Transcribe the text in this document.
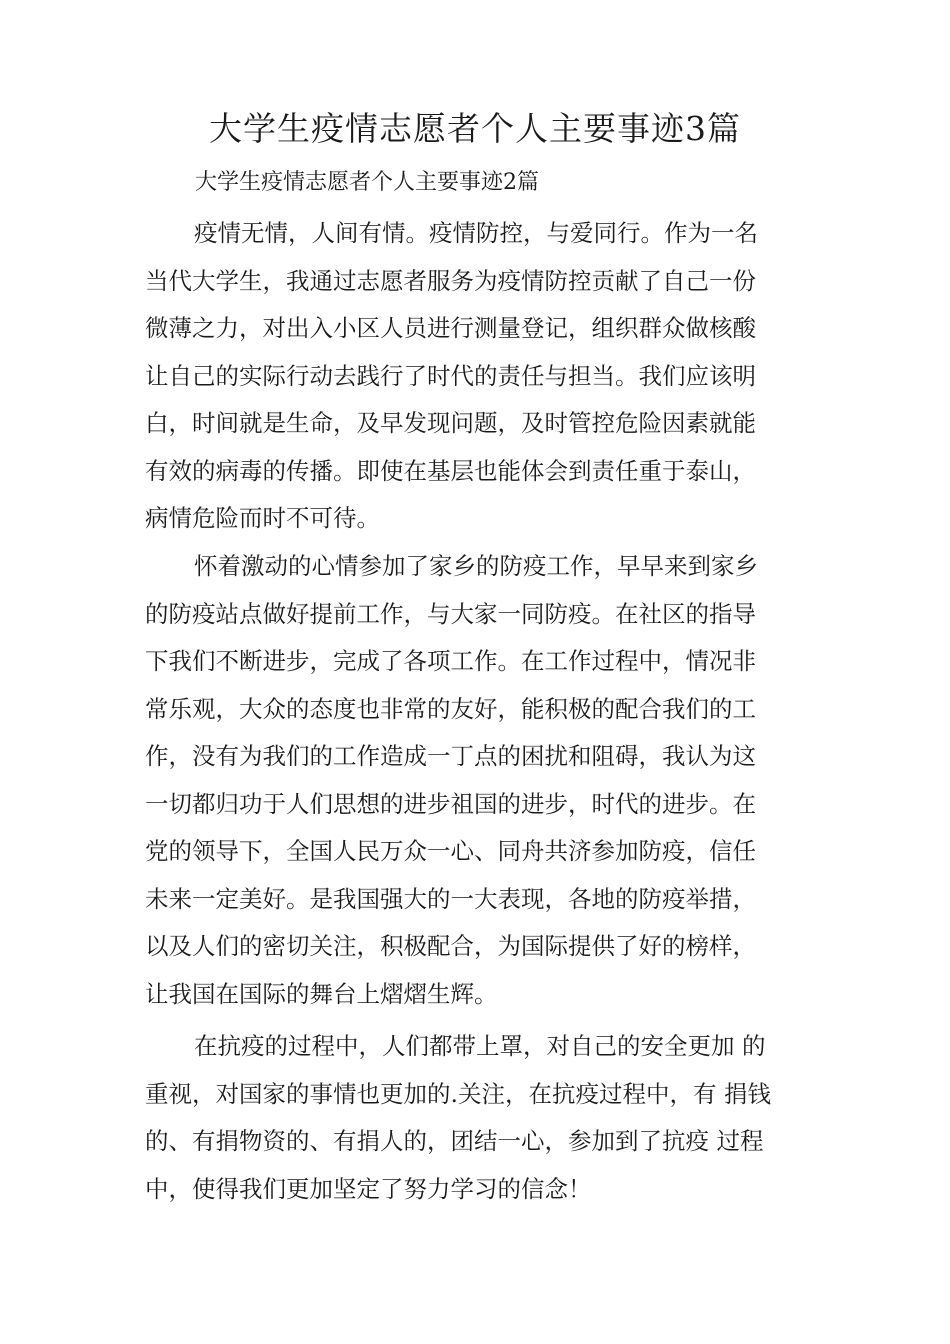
大学生疫情志愿者个人主要事迹3篇
大学生疫情志愿者个人主要事迹2篇
疫情无情，人间有情。疫情防控，与爱同行。作为一名
当代大学生，我通过志愿者服务为疫情防控贡献了自己一份
微薄之力，对出入小区人员进行测量登记，组织群众做核酸
让自己的实际行动去践行了时代的责任与担当。我们应该明
白，时间就是生命，及早发现问题，及时管控危险因素就能
有效的病毒的传播。即使在基层也能体会到责任重于泰山，
病情危险而时不可待。
怀着激动的心情参加了家乡的防疫工作，早早来到家乡
的防疫站点做好提前工作，与大家一同防疫。在社区的指导
下我们不断进步，完成了各项工作。在工作过程中，情况非
常乐观，大众的态度也非常的友好，能积极的配合我们的工
作，没有为我们的工作造成一丁点的困扰和阻碍，我认为这
一切都归功于人们思想的进步祖国的进步，时代的进步。在
党的领导下，全国人民万众一心、同舟共济参加防疫，信任
未来一定美好。是我国强大的一大表现，各地的防疫举措，
以及人们的密切关注，积极配合，为国际提供了好的榜样，
让我国在国际的舞台上熠熠生辉。
在抗疫的过程中，人们都带上罩，对自己的安全更加 的
重视，对国家的事情也更加的.关注，在抗疫过程中，有 捐钱
的、有捐物资的、有捐人的，团结一心，参加到了抗疫 过程
中，使得我们更加坚定了努力学习的信念！
